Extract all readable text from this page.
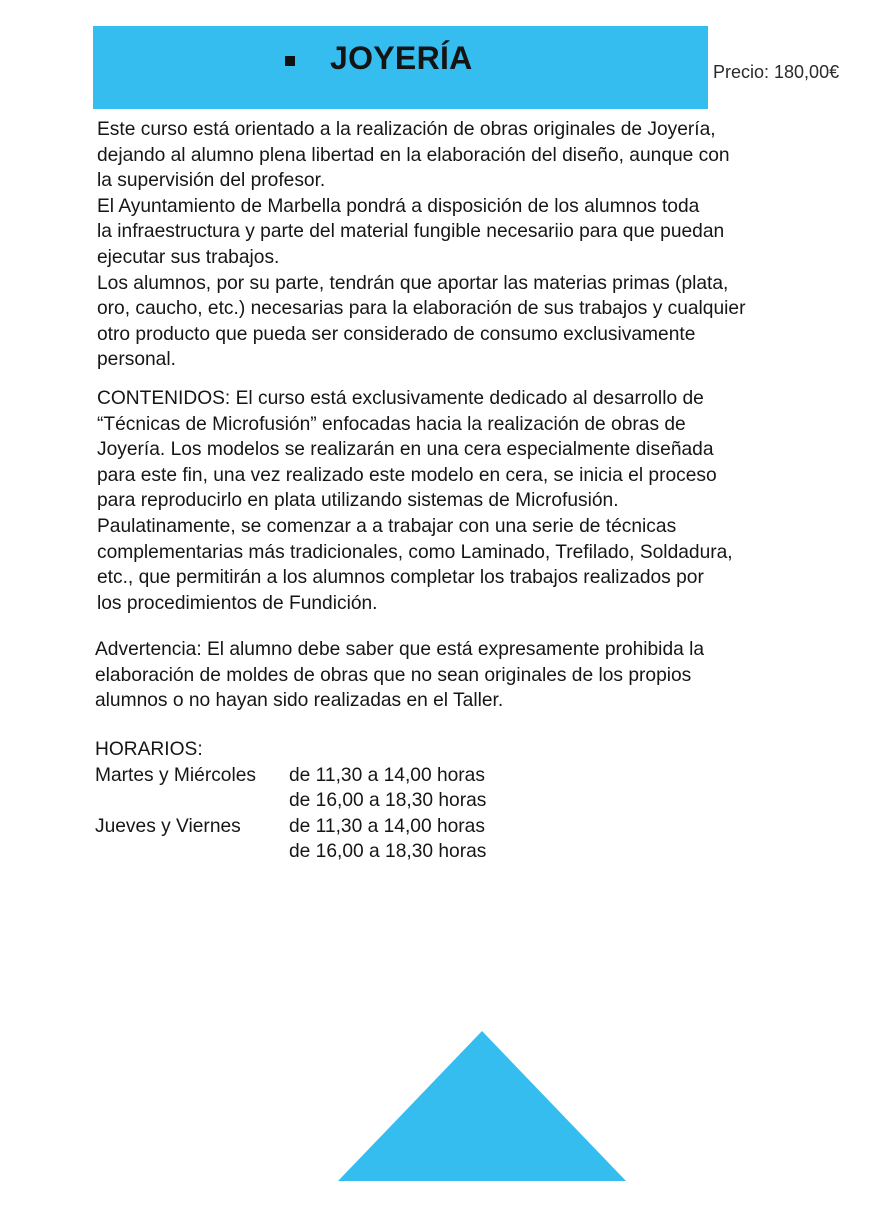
JOYERÍA	Precio: 180,00€
Este curso está orientado a la realización de obras originales de Joyería,
dejando al alumno plena libertad en la elaboración del diseño, aunque con
la supervisión del profesor.
El Ayuntamiento de Marbella pondrá a disposición de los alumnos toda
la infraestructura y parte del material fungible necesariio para que puedan
ejecutar sus trabajos.
Los alumnos, por su parte, tendrán que aportar las materias primas (plata,
oro, caucho, etc.) necesarias para la elaboración de sus trabajos y cualquier
otro producto que pueda ser considerado de consumo exclusivamente
personal.
CONTENIDOS: El curso está exclusivamente dedicado al desarrollo de
“Técnicas de Microfusión” enfocadas hacia la realización de obras de
Joyería. Los modelos se realizarán en una cera especialmente diseñada
para este fin, una vez realizado este modelo en cera, se inicia el proceso
para reproducirlo en plata utilizando sistemas de Microfusión.
Paulatinamente, se comenzar a a trabajar con una serie de técnicas
complementarias más tradicionales, como Laminado, Trefilado, Soldadura,
etc., que permitirán a los alumnos completar los trabajos realizados por
los procedimientos de Fundición.
Advertencia: El alumno debe saber que está expresamente prohibida la
elaboración de moldes de obras que no sean originales de los propios
alumnos o no hayan sido realizadas en el Taller.
HORARIOS:
Martes y Miércoles	de 11,30 a 14,00 horas
de 16,00 a 18,30 horas
Jueves y Viernes	de 11,30 a 14,00 horas
de 16,00 a 18,30 horas
